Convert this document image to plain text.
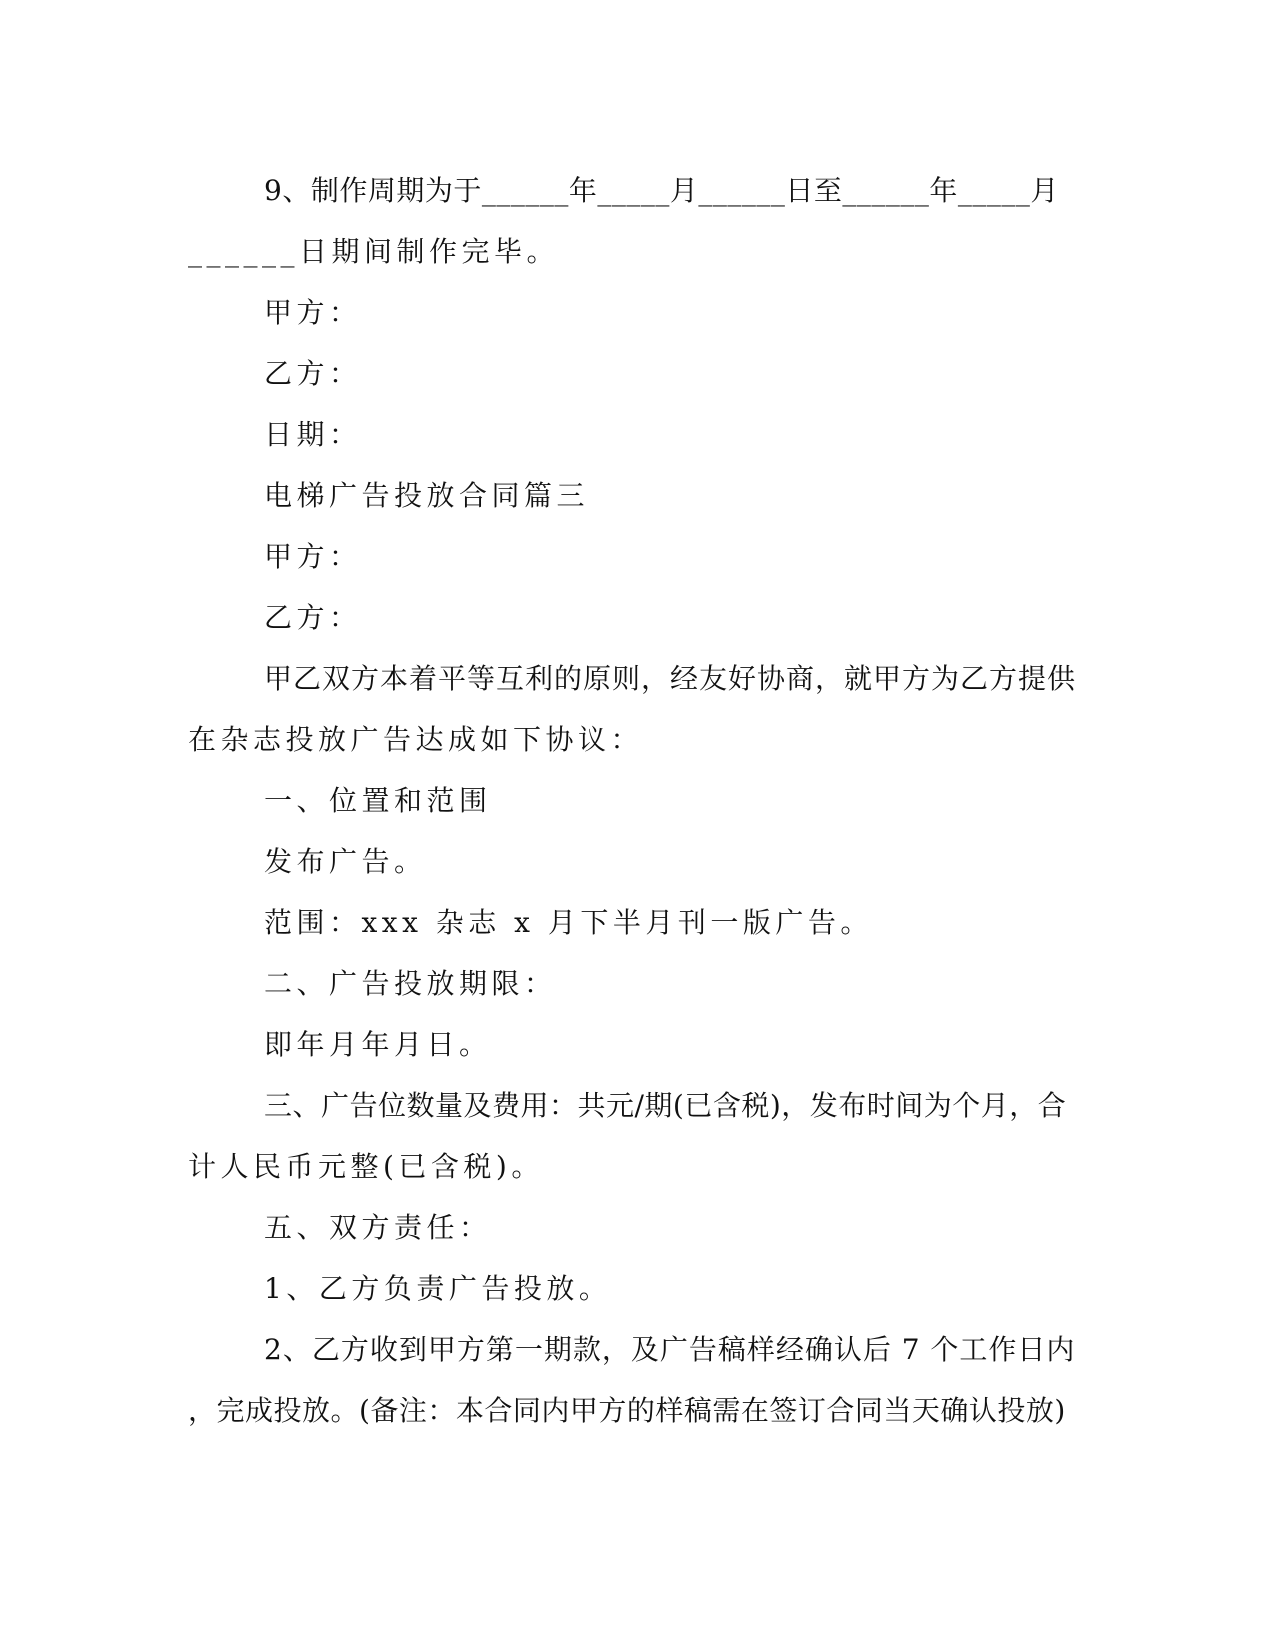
9、制作周期为于______年_____月______日至______年_____月
______日期间制作完毕。
甲方：
乙方：
日期：
电梯广告投放合同篇三
甲方：
乙方：
甲乙双方本着平等互利的原则，经友好协商，就甲方为乙方提供
在杂志投放广告达成如下协议：
一、位置和范围
发布广告。
范围：xxx 杂志 x 月下半月刊一版广告。
二、广告投放期限：
即年月年月日。
三、广告位数量及费用：共元/期(已含税)，发布时间为个月，合
计人民币元整(已含税)。
五、双方责任：
1、乙方负责广告投放。
2、乙方收到甲方第一期款，及广告稿样经确认后 7 个工作日内
，完成投放。(备注：本合同内甲方的样稿需在签订合同当天确认投放)
